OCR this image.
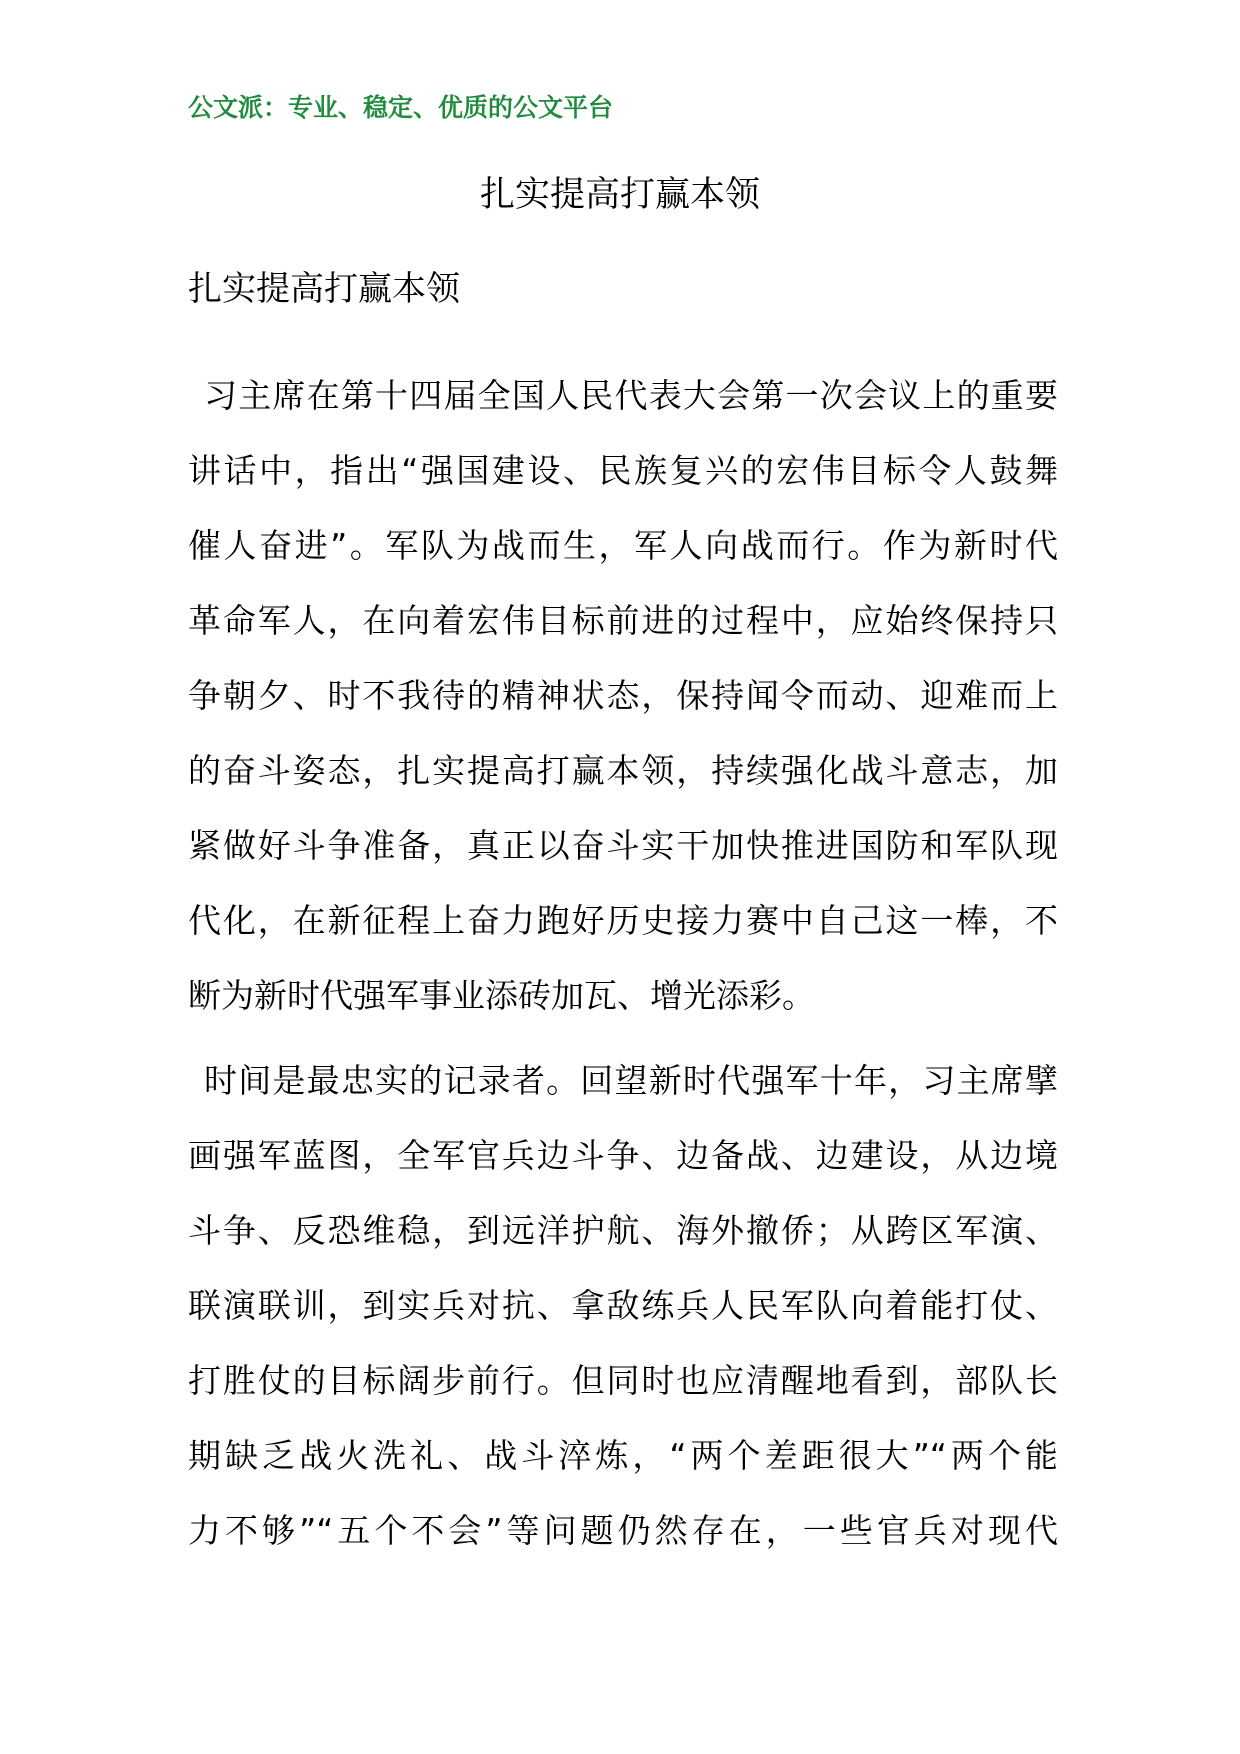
公文派：专业、稳定、优质的公文平台
扎实提高打赢本领
扎实提高打赢本领
习主席在第十四届全国人民代表大会第一次会议上的重要
讲话中，指出“强国建设、民族复兴的宏伟目标令人鼓舞
催人奋进”。军队为战而生，军人向战而行。作为新时代
革命军人，在向着宏伟目标前进的过程中，应始终保持只
争朝夕、时不我待的精神状态，保持闻令而动、迎难而上
的奋斗姿态，扎实提高打赢本领，持续强化战斗意志，加
紧做好斗争准备，真正以奋斗实干加快推进国防和军队现
代化，在新征程上奋力跑好历史接力赛中自己这一棒，不
断为新时代强军事业添砖加瓦、增光添彩。
时间是最忠实的记录者。回望新时代强军十年，习主席擘
画强军蓝图，全军官兵边斗争、边备战、边建设，从边境
斗争、反恐维稳，到远洋护航、海外撤侨；从跨区军演、
联演联训，到实兵对抗、拿敌练兵人民军队向着能打仗、
打胜仗的目标阔步前行。但同时也应清醒地看到，部队长
期缺乏战火洗礼、战斗淬炼，“两个差距很大”“两个能
力不够”“五个不会”等问题仍然存在，一些官兵对现代
